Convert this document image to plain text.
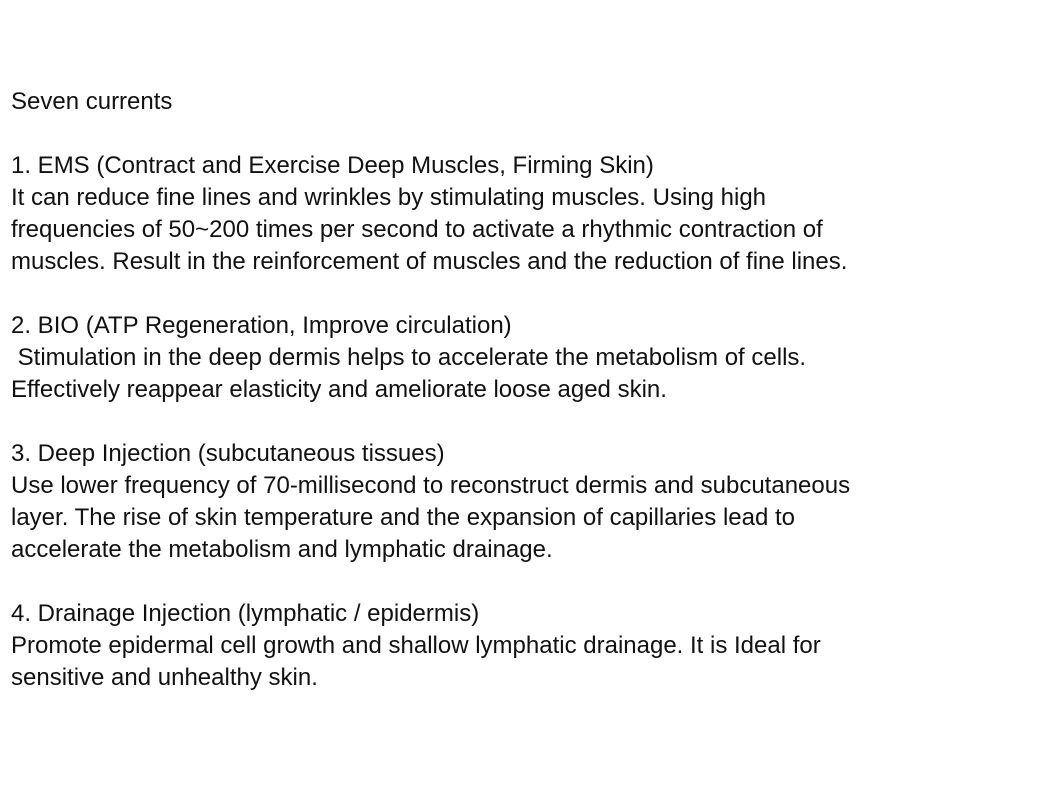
Seven currents
1. EMS (Contract and Exercise Deep Muscles, Firming Skin)
It can reduce fine lines and wrinkles by stimulating muscles. Using high
frequencies of 50~200 times per second to activate a rhythmic contraction of
muscles. Result in the reinforcement of muscles and the reduction of fine lines.
2. BIO (ATP Regeneration, Improve circulation)
Stimulation in the deep dermis helps to accelerate the metabolism of cells.
Effectively reappear elasticity and ameliorate loose aged skin.
3. Deep Injection (subcutaneous tissues)
Use lower frequency of 70-millisecond to reconstruct dermis and subcutaneous
layer. The rise of skin temperature and the expansion of capillaries lead to
accelerate the metabolism and lymphatic drainage.
4. Drainage Injection (lymphatic / epidermis)
Promote epidermal cell growth and shallow lymphatic drainage. It is Ideal for
sensitive and unhealthy skin.
